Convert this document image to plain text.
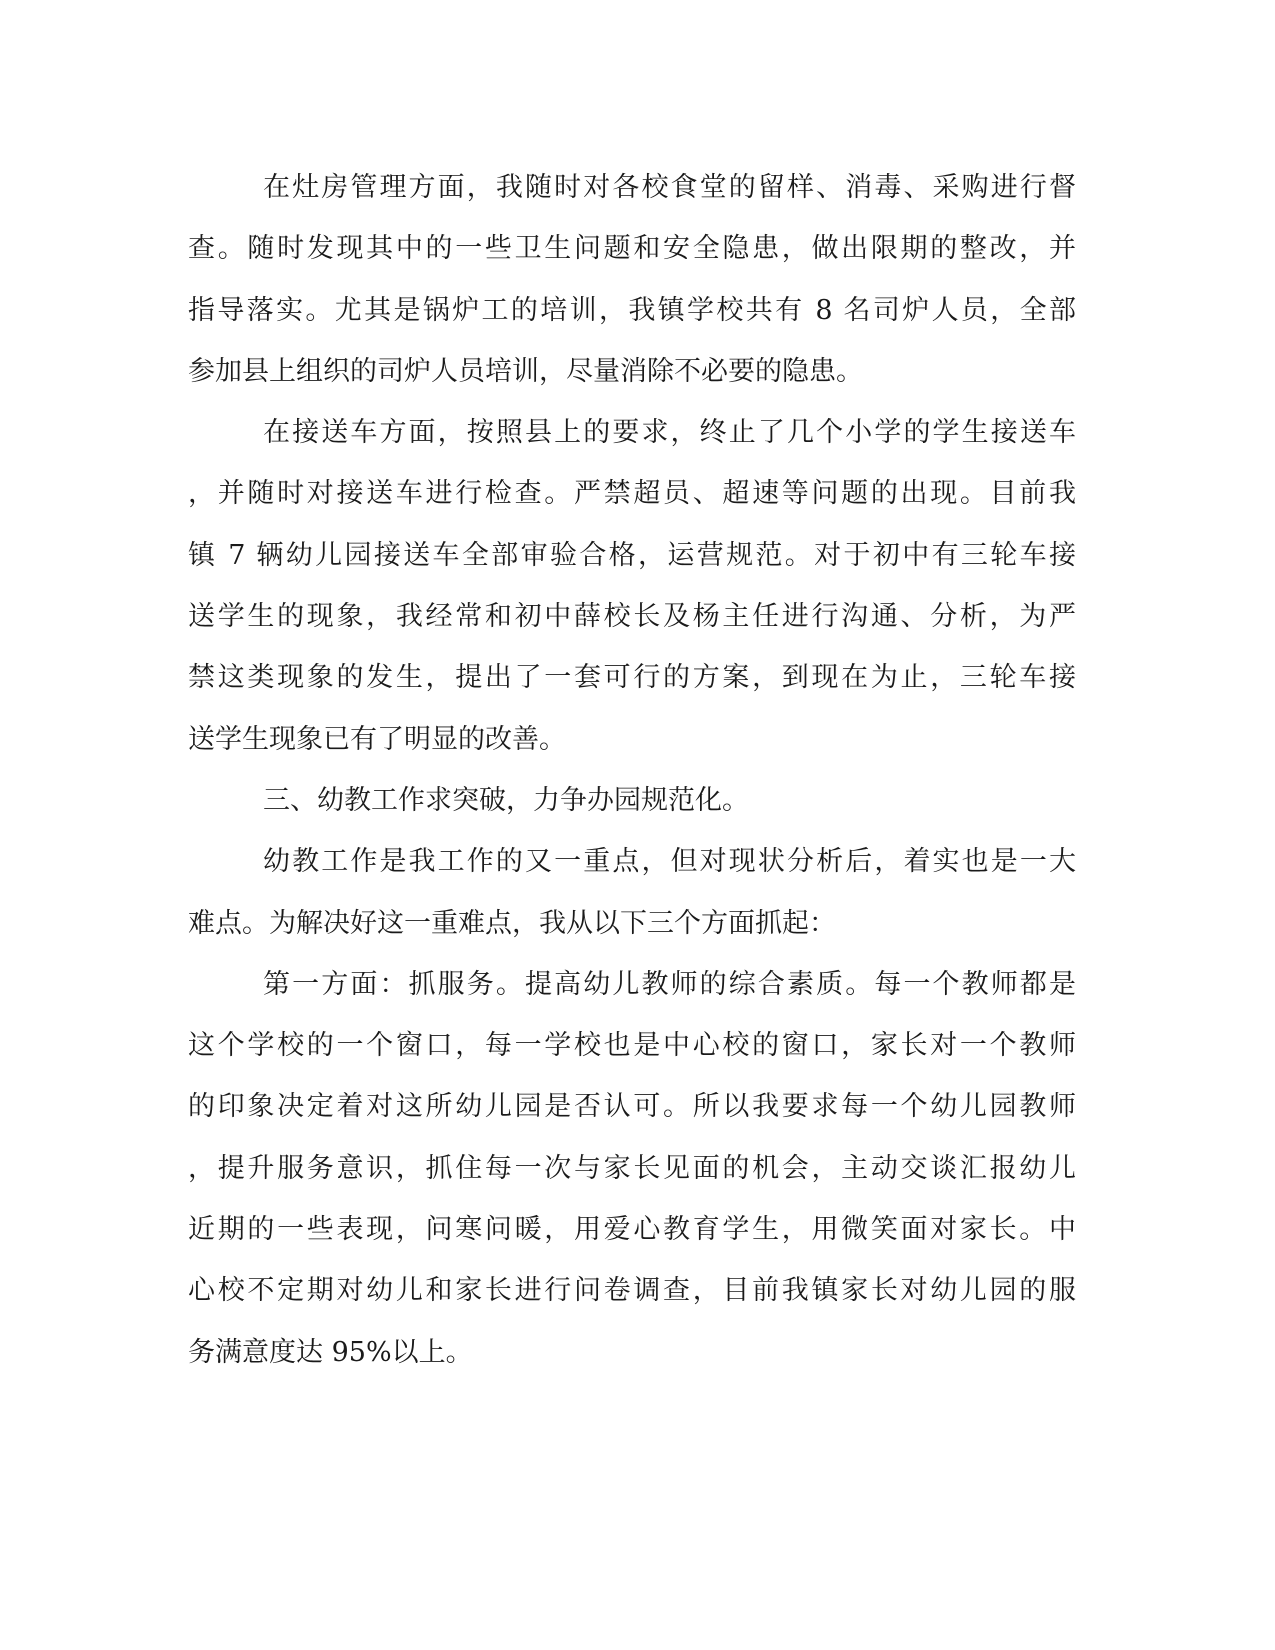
在灶房管理方面，我随时对各校食堂的留样、消毒、采购进行督
查。随时发现其中的一些卫生问题和安全隐患，做出限期的整改，并
指导落实。尤其是锅炉工的培训，我镇学校共有 8 名司炉人员，全部
参加县上组织的司炉人员培训，尽量消除不必要的隐患。
在接送车方面，按照县上的要求，终止了几个小学的学生接送车
，并随时对接送车进行检查。严禁超员、超速等问题的出现。目前我
镇 7 辆幼儿园接送车全部审验合格，运营规范。对于初中有三轮车接
送学生的现象，我经常和初中薛校长及杨主任进行沟通、分析，为严
禁这类现象的发生，提出了一套可行的方案，到现在为止，三轮车接
送学生现象已有了明显的改善。
三、幼教工作求突破，力争办园规范化。
幼教工作是我工作的又一重点，但对现状分析后，着实也是一大
难点。为解决好这一重难点，我从以下三个方面抓起：
第一方面：抓服务。提高幼儿教师的综合素质。每一个教师都是
这个学校的一个窗口，每一学校也是中心校的窗口，家长对一个教师
的印象决定着对这所幼儿园是否认可。所以我要求每一个幼儿园教师
，提升服务意识，抓住每一次与家长见面的机会，主动交谈汇报幼儿
近期的一些表现，问寒问暖，用爱心教育学生，用微笑面对家长。中
心校不定期对幼儿和家长进行问卷调查，目前我镇家长对幼儿园的服
务满意度达 95%以上。
